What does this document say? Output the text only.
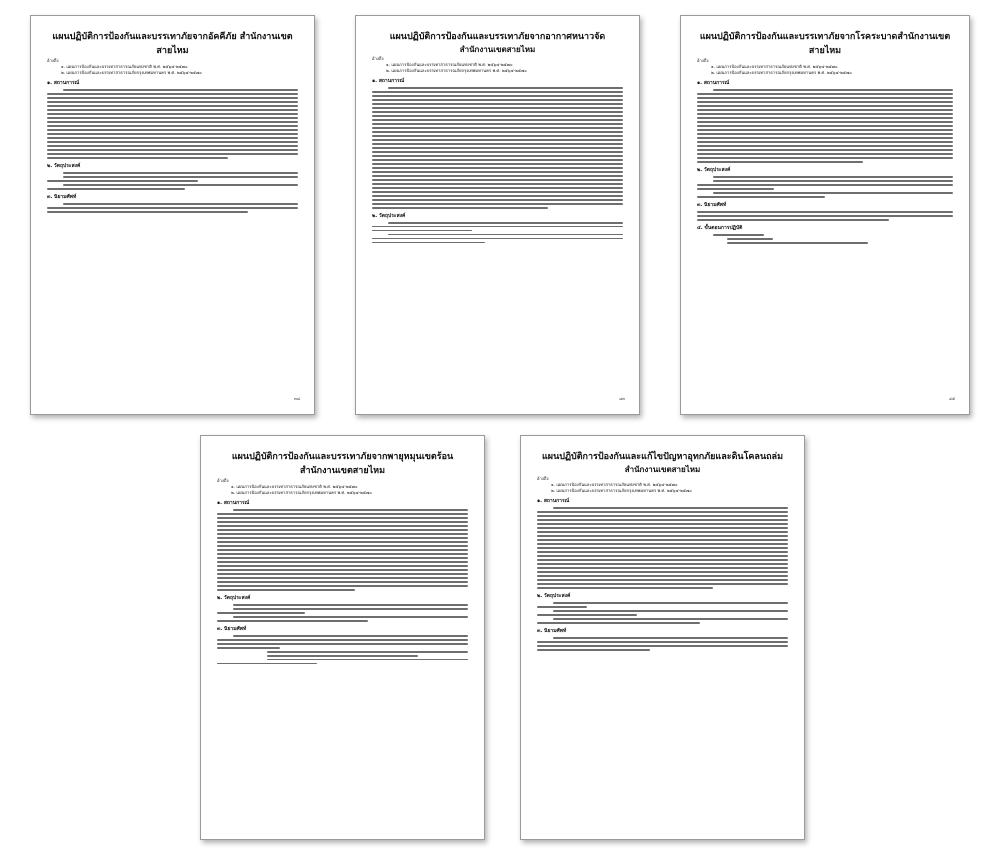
แผนปฏิบัติการป้องกันและบรรเทาภัยจากอัคคีภัย สำนักงานเขตสายไหม
อ้างถึง
๑. แผนการป้องกันและบรรเทาสาธารณภัยแห่งชาติ พ.ศ. ๒๕๖๔-๒๕๗๐
๒. แผนการป้องกันและบรรเทาสาธารณภัยกรุงเทพมหานคร พ.ศ. ๒๕๖๔-๒๕๗๐
๑. สถานการณ์
๒. วัตถุประสงค์
๓. นิยามศัพท์
๓๘
แผนปฏิบัติการป้องกันและบรรเทาภัยจากอากาศหนาวจัด
สำนักงานเขตสายไหม
อ้างถึง
๑. แผนการป้องกันและบรรเทาสาธารณภัยแห่งชาติ พ.ศ. ๒๕๖๔-๒๕๗๐
๒. แผนการป้องกันและบรรเทาสาธารณภัยกรุงเทพมหานคร พ.ศ. ๒๕๖๔-๒๕๗๐
๑. สถานการณ์
๒. วัตถุประสงค์
๔๓
แผนปฏิบัติการป้องกันและบรรเทาภัยจากโรคระบาดสำนักงานเขตสายไหม
อ้างถึง
๑. แผนการป้องกันและบรรเทาสาธารณภัยแห่งชาติ พ.ศ. ๒๕๖๔-๒๕๗๐
๒. แผนการป้องกันและบรรเทาสาธารณภัยกรุงเทพมหานคร พ.ศ. ๒๕๖๔-๒๕๗๐
๑. สถานการณ์
๒. วัตถุประสงค์
๓. นิยามศัพท์
๔. ขั้นตอนการปฏิบัติ
๔๕
แผนปฏิบัติการป้องกันและบรรเทาภัยจากพายุหมุนเขตร้อน สำนักงานเขตสายไหม
อ้างถึง
๑. แผนการป้องกันและบรรเทาสาธารณภัยแห่งชาติ พ.ศ. ๒๕๖๔-๒๕๗๐
๒. แผนการป้องกันและบรรเทาสาธารณภัยกรุงเทพมหานคร พ.ศ. ๒๕๖๔-๒๕๗๐
๑. สถานการณ์
๒. วัตถุประสงค์
๓. นิยามศัพท์
แผนปฏิบัติการป้องกันและแก้ไขปัญหาอุทกภัยและดินโคลนถล่ม
สำนักงานเขตสายไหม
อ้างถึง
๑. แผนการป้องกันและบรรเทาสาธารณภัยแห่งชาติ พ.ศ. ๒๕๖๔-๒๕๗๐
๒. แผนการป้องกันและบรรเทาสาธารณภัยกรุงเทพมหานคร พ.ศ. ๒๕๖๔-๒๕๗๐
๑. สถานการณ์
๒. วัตถุประสงค์
๓. นิยามศัพท์
